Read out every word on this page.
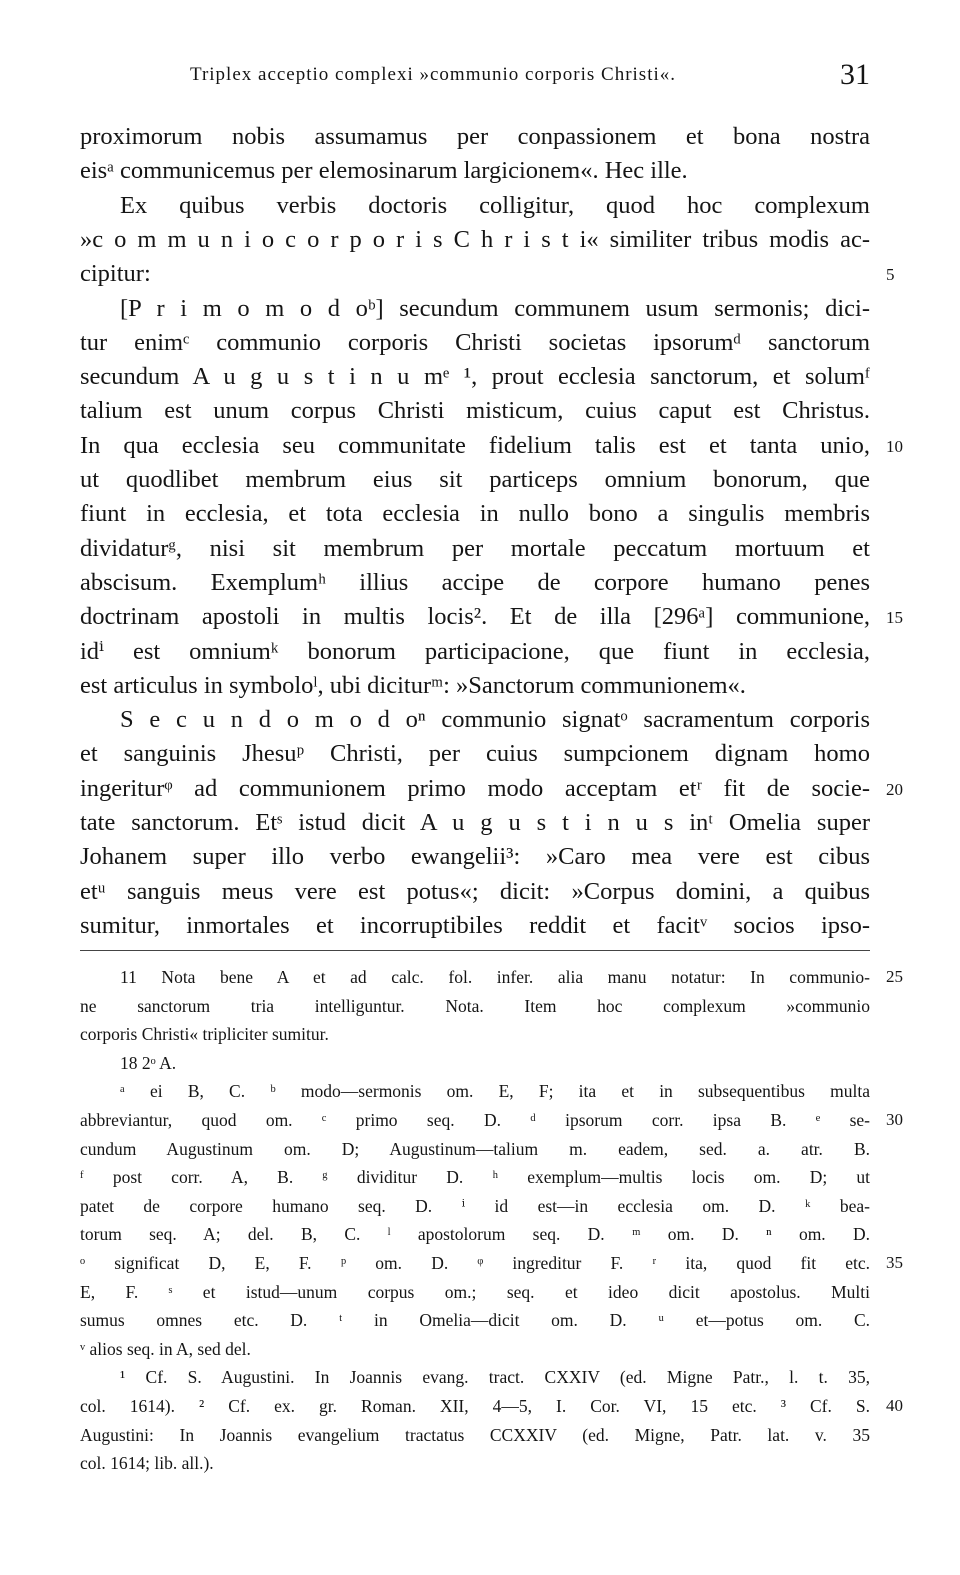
Triplex acceptio complexi »communio corporis Christi«.	31
proximorum nobis assumamus per conpassionem et bona nostra
eisᵃ communicemus per elemosinarum largicionem«. Hec ille.
Ex quibus verbis doctoris colligitur, quod hoc complexum
»c o m m u n i o c o r p o r i s C h r i s t i« similiter tribus modis ac-
cipitur:
[P r i m o m o d oᵇ] secundum communem usum sermonis; dici-
tur enimᶜ communio corporis Christi societas ipsorumᵈ sanctorum
secundum A u g u s t i n u mᵉ ¹, prout ecclesia sanctorum, et solumᶠ
talium est unum corpus Christi misticum, cuius caput est Christus.
In qua ecclesia seu communitate fidelium talis est et tanta unio,
ut quodlibet membrum eius sit particeps omnium bonorum, que
fiunt in ecclesia, et tota ecclesia in nullo bono a singulis membris
dividaturᵍ, nisi sit membrum per mortale peccatum mortuum et
abscisum. Exemplumʰ illius accipe de corpore humano penes
doctrinam apostoli in multis locis². Et de illa [296ᵃ] communione,
idⁱ est omniumᵏ bonorum participacione, que fiunt in ecclesia,
est articulus in symboloˡ, ubi diciturᵐ: »Sanctorum communionem«.
S e c u n d o m o d oⁿ communio signatᵒ sacramentum corporis
et sanguinis Jhesuᵖ Christi, per cuius sumpcionem dignam homo
ingeriturᵠ ad communionem primo modo acceptam etʳ fit de socie-
tate sanctorum. Etˢ istud dicit A u g u s t i n u s inᵗ Omelia super
Johanem super illo verbo ewangelii³: »Caro mea vere est cibus
etᵘ sanguis meus vere est potus«; dicit: »Corpus domini, a quibus
sumitur, inmortales et incorruptibiles reddit et facitᵛ socios ipso-
5
10
15
20
11 Nota bene A et ad calc. fol. infer. alia manu notatur: In communio-
ne sanctorum tria intelliguntur. Nota. Item hoc complexum »communio
corporis Christi« tripliciter sumitur.
18 2ᵒ A.
ᵃ ei B, C. ᵇ modo—sermonis om. E, F; ita et in subsequentibus multa
abbreviantur, quod om. ᶜ primo seq. D. ᵈ ipsorum corr. ipsa B. ᵉ se-
cundum Augustinum om. D; Augustinum—talium m. eadem, sed. a. atr. B.
ᶠ post corr. A, B. ᵍ dividitur D. ʰ exemplum—multis locis om. D; ut
patet de corpore humano seq. D. ⁱ id est—in ecclesia om. D. ᵏ bea-
torum seq. A; del. B, C. ˡ apostolorum seq. D. ᵐ om. D. ⁿ om. D.
ᵒ significat D, E, F. ᵖ om. D. ᵠ ingreditur F. ʳ ita, quod fit etc.
E, F. ˢ et istud—unum corpus om.; seq. et ideo dicit apostolus. Multi
sumus omnes etc. D. ᵗ in Omelia—dicit om. D. ᵘ et—potus om. C.
ᵛ alios seq. in A, sed del.
¹ Cf. S. Augustini. In Joannis evang. tract. CXXIV (ed. Migne Patr., l. t. 35,
col. 1614). ² Cf. ex. gr. Roman. XII, 4—5, I. Cor. VI, 15 etc. ³ Cf. S.
Augustini: In Joannis evangelium tractatus CCXXIV (ed. Migne, Patr. lat. v. 35
col. 1614; lib. all.).
25
30
35
40
